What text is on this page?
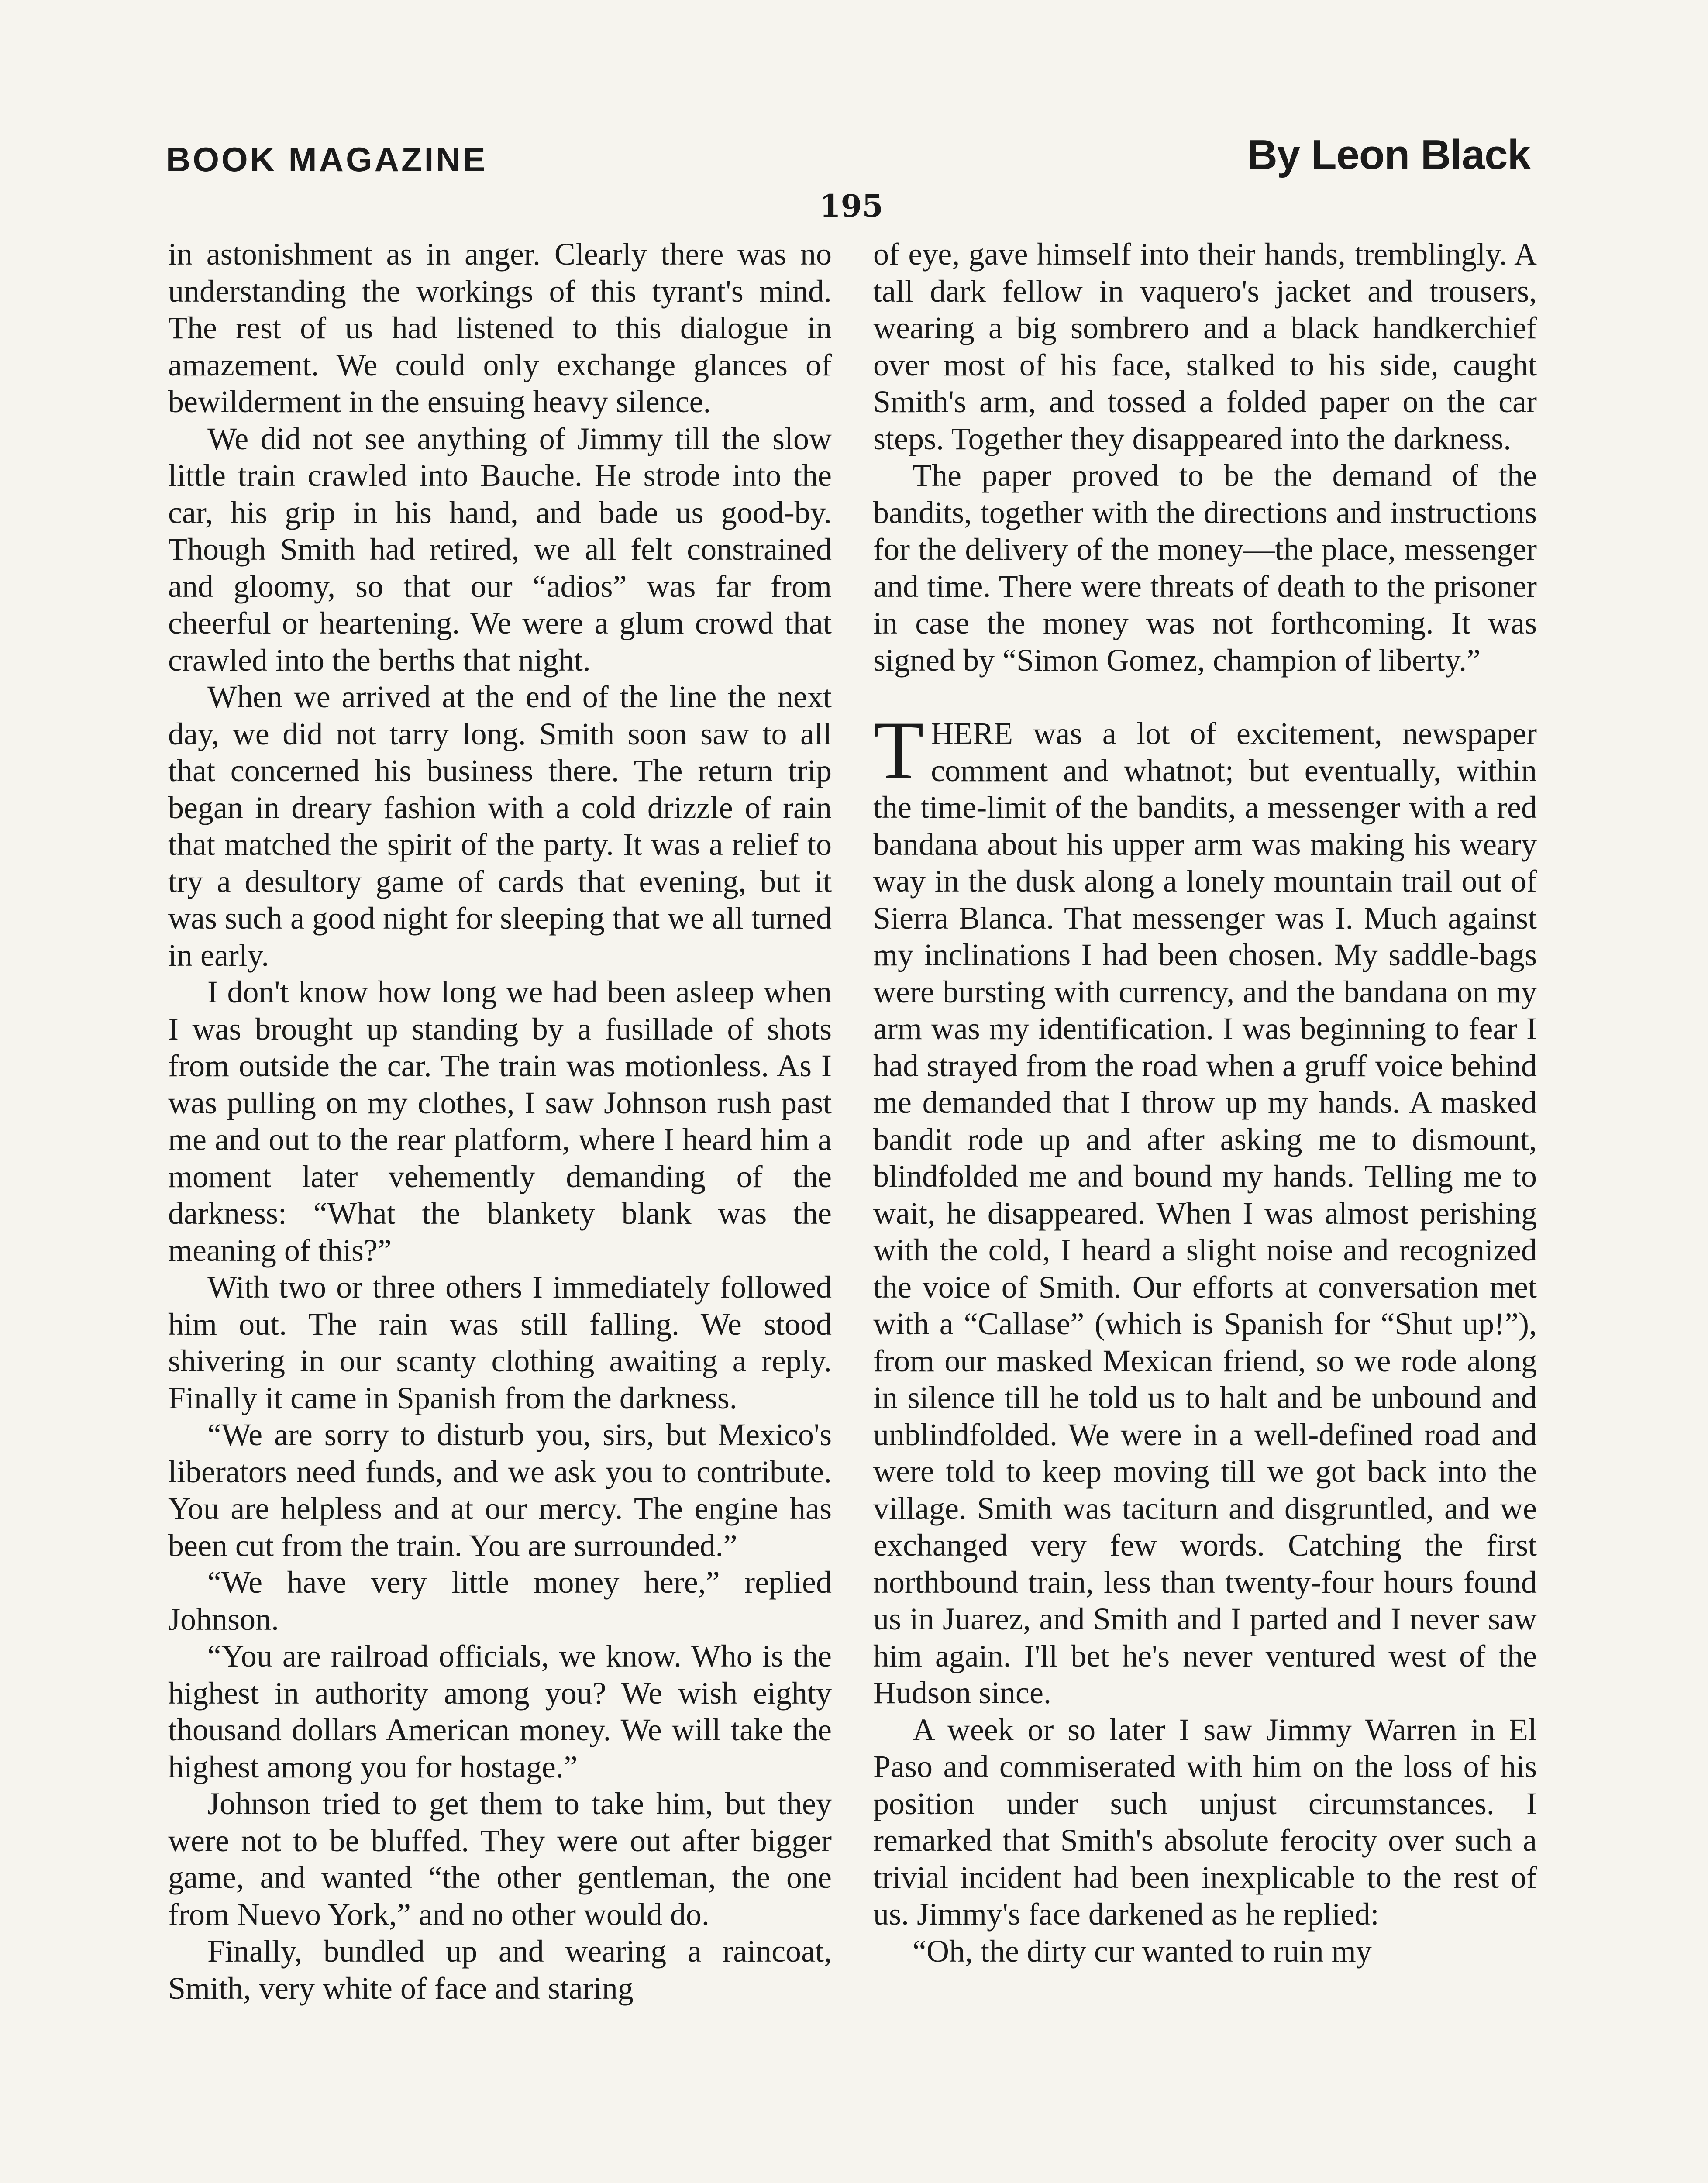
BOOK MAGAZINE	By Leon Black
195

in astonishment as in anger. Clearly there was no understanding the workings of this tyrant's mind. The rest of us had listened to this dialogue in amazement. We could only exchange glances of bewilderment in the ensuing heavy silence.

We did not see anything of Jimmy till the slow little train crawled into Bauche. He strode into the car, his grip in his hand, and bade us good-by. Though Smith had retired, we all felt constrained and gloomy, so that our “adios” was far from cheerful or heartening. We were a glum crowd that crawled into the berths that night.

When we arrived at the end of the line the next day, we did not tarry long. Smith soon saw to all that concerned his business there. The return trip began in dreary fashion with a cold drizzle of rain that matched the spirit of the party. It was a relief to try a desultory game of cards that evening, but it was such a good night for sleeping that we all turned in early.

I don't know how long we had been asleep when I was brought up standing by a fusillade of shots from outside the car. The train was motionless. As I was pulling on my clothes, I saw Johnson rush past me and out to the rear platform, where I heard him a moment later vehemently demanding of the darkness: “What the blankety blank was the meaning of this?”

With two or three others I immediately followed him out. The rain was still falling. We stood shivering in our scanty clothing awaiting a reply. Finally it came in Spanish from the darkness.

“We are sorry to disturb you, sirs, but Mexico's liberators need funds, and we ask you to contribute. You are helpless and at our mercy. The engine has been cut from the train. You are surrounded.”

“We have very little money here,” replied Johnson.

“You are railroad officials, we know. Who is the highest in authority among you? We wish eighty thousand dollars American money. We will take the highest among you for hostage.”

Johnson tried to get them to take him, but they were not to be bluffed. They were out after bigger game, and wanted “the other gentleman, the one from Nuevo York,” and no other would do.

Finally, bundled up and wearing a raincoat, Smith, very white of face and staring

of eye, gave himself into their hands, tremblingly. A tall dark fellow in vaquero's jacket and trousers, wearing a big sombrero and a black handkerchief over most of his face, stalked to his side, caught Smith's arm, and tossed a folded paper on the car steps. Together they disappeared into the darkness.

The paper proved to be the demand of the bandits, together with the directions and instructions for the delivery of the money—the place, messenger and time. There were threats of death to the prisoner in case the money was not forthcoming. It was signed by “Simon Gomez, champion of liberty.”

THERE was a lot of excitement, newspaper comment and whatnot; but eventually, within the time-limit of the bandits, a messenger with a red bandana about his upper arm was making his weary way in the dusk along a lonely mountain trail out of Sierra Blanca. That messenger was I. Much against my inclinations I had been chosen. My saddle-bags were bursting with currency, and the bandana on my arm was my identification. I was beginning to fear I had strayed from the road when a gruff voice behind me demanded that I throw up my hands. A masked bandit rode up and after asking me to dismount, blindfolded me and bound my hands. Telling me to wait, he disappeared. When I was almost perishing with the cold, I heard a slight noise and recognized the voice of Smith. Our efforts at conversation met with a “Callase” (which is Spanish for “Shut up!”), from our masked Mexican friend, so we rode along in silence till he told us to halt and be unbound and unblindfolded. We were in a well-defined road and were told to keep moving till we got back into the village. Smith was taciturn and disgruntled, and we exchanged very few words. Catching the first northbound train, less than twenty-four hours found us in Juarez, and Smith and I parted and I never saw him again. I'll bet he's never ventured west of the Hudson since.

A week or so later I saw Jimmy Warren in El Paso and commiserated with him on the loss of his position under such unjust circumstances. I remarked that Smith's absolute ferocity over such a trivial incident had been inexplicable to the rest of us. Jimmy's face darkened as he replied:

“Oh, the dirty cur wanted to ruin my
